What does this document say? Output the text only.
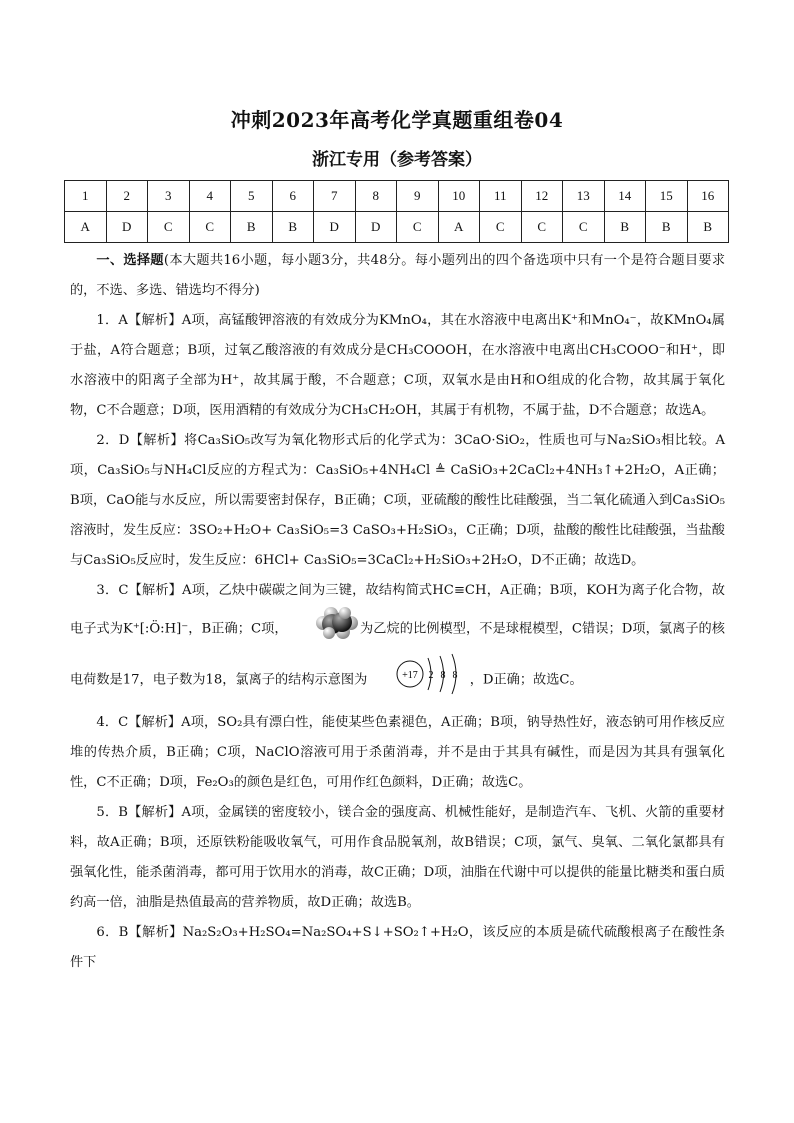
冲刺2023年高考化学真题重组卷04
浙江专用（参考答案）
1	2	3	4	5	6	7	8	9	10	11	12	13	14	15	16
A	D	C	C	B	B	D	D	C	A	C	C	C	B	B	B

一、选择题(本大题共16小题，每小题3分，共48分。每小题列出的四个备选项中只有一个是符合题目要求的，不选、多选、错选均不得分)

1．A【解析】A项，高锰酸钾溶液的有效成分为KMnO₄，其在水溶液中电离出K⁺和MnO₄⁻，故KMnO₄属于盐，A符合题意；B项，过氧乙酸溶液的有效成分是CH₃COOOH，在水溶液中电离出CH₃COOO⁻和H⁺，即水溶液中的阳离子全部为H⁺，故其属于酸，不合题意；C项，双氧水是由H和O组成的化合物，故其属于氧化物，C不合题意；D项，医用酒精的有效成分为CH₃CH₂OH，其属于有机物，不属于盐，D不合题意；故选A。

2．D【解析】将Ca₃SiO₅改写为氧化物形式后的化学式为：3CaO·SiO₂，性质也可与Na₂SiO₃相比较。A项，Ca₃SiO₅与NH₄Cl反应的方程式为：Ca₃SiO₅+4NH₄Cl ≜ CaSiO₃+2CaCl₂+4NH₃↑+2H₂O，A正确；B项，CaO能与水反应，所以需要密封保存，B正确；C项，亚硫酸的酸性比硅酸强，当二氧化硫通入到Ca₃SiO₅溶液时，发生反应：3SO₂+H₂O+ Ca₃SiO₅=3 CaSO₃+H₂SiO₃，C正确；D项，盐酸的酸性比硅酸强，当盐酸与Ca₃SiO₅反应时，发生反应：6HCl+ Ca₃SiO₅=3CaCl₂+H₂SiO₃+2H₂O，D不正确；故选D。

3．C【解析】A项，乙炔中碳碳之间为三键，故结构简式HC≡CH，A正确；B项，KOH为离子化合物，故电子式为K⁺[:Ö:H]⁻，B正确；C项，	为乙烷的比例模型，不是球棍模型，C错误；D项，氯离子的核电荷数是17，电子数为18，氯离子的结构示意图为	+17 2 8 8 ，D正确；故选C。

4．C【解析】A项，SO₂具有漂白性，能使某些色素褪色，A正确；B项，钠导热性好，液态钠可用作核反应堆的传热介质，B正确；C项，NaClO溶液可用于杀菌消毒，并不是由于其具有碱性，而是因为其具有强氧化性，C不正确；D项，Fe₂O₃的颜色是红色，可用作红色颜料，D正确；故选C。

5．B【解析】A项，金属镁的密度较小，镁合金的强度高、机械性能好，是制造汽车、飞机、火箭的重要材料，故A正确；B项，还原铁粉能吸收氧气，可用作食品脱氧剂，故B错误；C项，氯气、臭氧、二氧化氯都具有强氧化性，能杀菌消毒，都可用于饮用水的消毒，故C正确；D项，油脂在代谢中可以提供的能量比糖类和蛋白质约高一倍，油脂是热值最高的营养物质，故D正确；故选B。

6．B【解析】Na₂S₂O₃+H₂SO₄=Na₂SO₄+S↓+SO₂↑+H₂O，该反应的本质是硫代硫酸根离子在酸性条件下
